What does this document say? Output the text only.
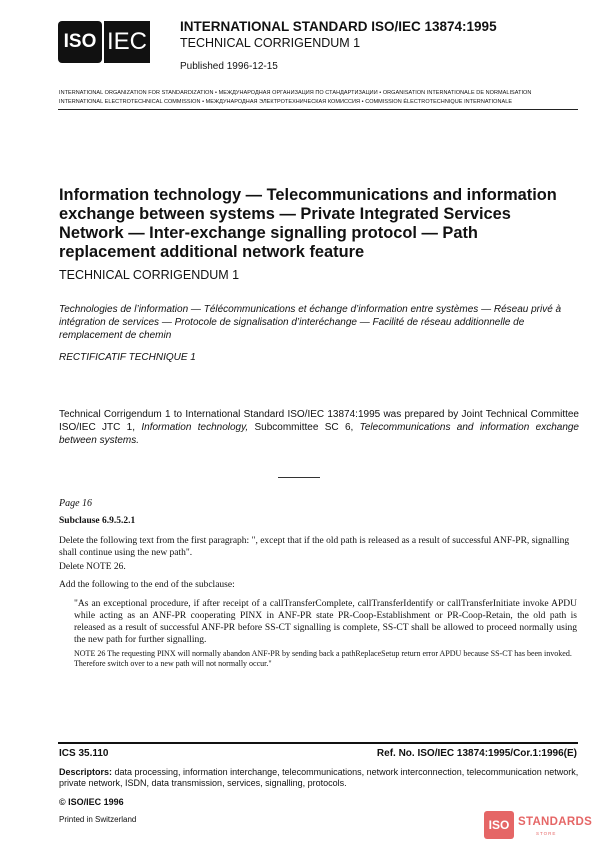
ISO IEC
INTERNATIONAL STANDARD ISO/IEC 13874:1995
TECHNICAL CORRIGENDUM 1
Published 1996-12-15
INTERNATIONAL ORGANIZATION FOR STANDARDIZATION • МЕЖДУНАРОДНАЯ ОРГАНИЗАЦИЯ ПО СТАНДАРТИЗАЦИИ • ORGANISATION INTERNATIONALE DE NORMALISATION
INTERNATIONAL ELECTROTECHNICAL COMMISSION • МЕЖДУНАРОДНАЯ ЭЛЕКТРОТЕХНИЧЕСКАЯ КОМИССИЯ • COMMISSION ÉLECTROTECHNIQUE INTERNATIONALE
Information technology — Telecommunications and information exchange between systems — Private Integrated Services Network — Inter-exchange signalling protocol — Path replacement additional network feature
TECHNICAL CORRIGENDUM 1
Technologies de l’information — Télécommunications et échange d’information entre systèmes — Réseau privé à intégration de services — Protocole de signalisation d’interéchange — Facilité de réseau additionnelle de remplacement de chemin
RECTIFICATIF TECHNIQUE 1
Technical Corrigendum 1 to International Standard ISO/IEC 13874:1995 was prepared by Joint Technical Committee ISO/IEC JTC 1, Information technology, Subcommittee SC 6, Telecommunications and information exchange between systems.
Page 16
Subclause 6.9.5.2.1
Delete the following text from the first paragraph: ", except that if the old path is released as a result of successful ANF-PR, signalling shall continue using the new path".
Delete NOTE 26.
Add the following to the end of the subclause:
"As an exceptional procedure, if after receipt of a callTransferComplete, callTransferIdentify or callTransferInitiate invoke APDU while acting as an ANF-PR cooperating PINX in ANF-PR state PR-Coop-Establishment or PR-Coop-Retain, the old path is released as a result of successful ANF-PR before SS-CT signalling is complete, SS-CT shall be allowed to proceed normally using the new path for further signalling.
NOTE 26 The requesting PINX will normally abandon ANF-PR by sending back a pathReplaceSetup return error APDU because SS-CT has been invoked. Therefore switch over to a new path will not normally occur."
ICS 35.110	Ref. No. ISO/IEC 13874:1995/Cor.1:1996(E)
Descriptors: data processing, information interchange, telecommunications, network interconnection, telecommunication network, private network, ISDN, data transmission, services, signalling, protocols.
© ISO/IEC 1996
Printed in Switzerland	ISO STANDARDS
STORE
